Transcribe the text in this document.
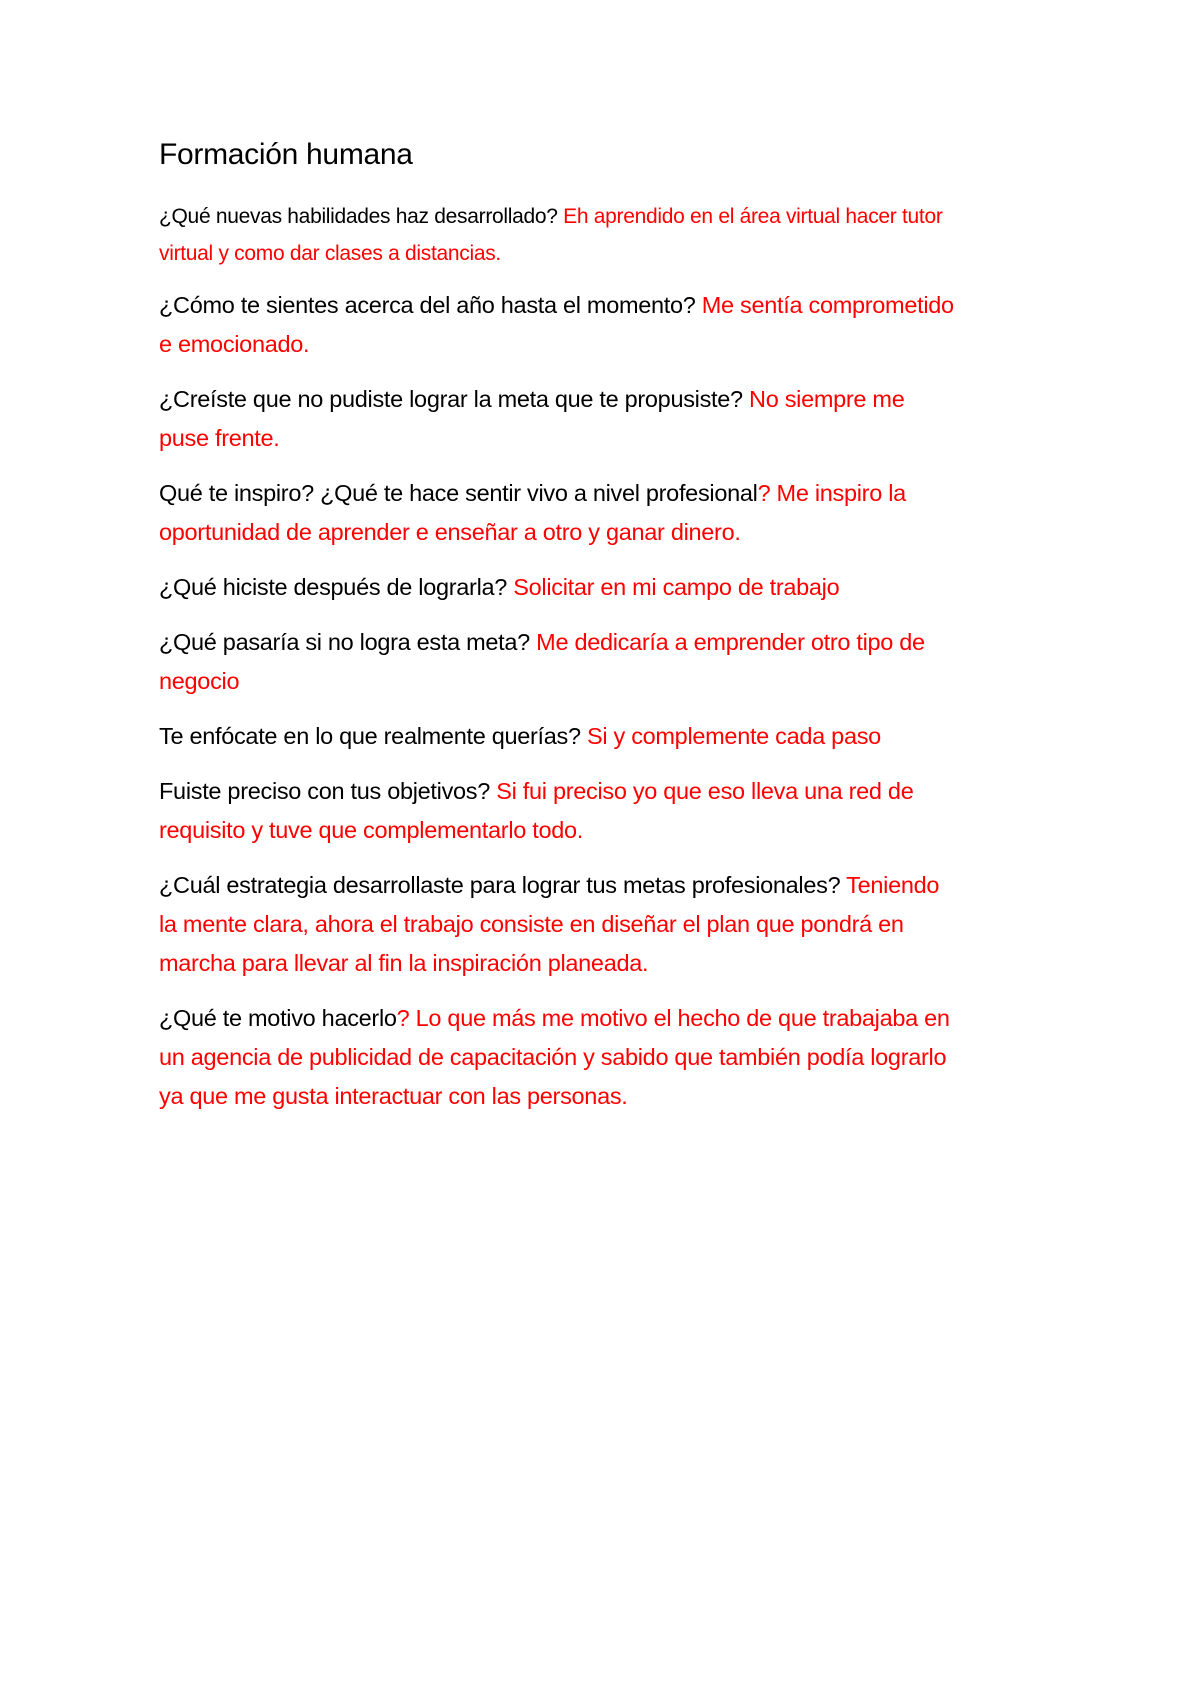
Formación humana

¿Qué nuevas habilidades haz desarrollado? Eh aprendido en el área virtual hacer tutor virtual y como dar clases a distancias.

¿Cómo te sientes acerca del año hasta el momento? Me sentía comprometido e emocionado.

¿Creíste que no pudiste lograr la meta que te propusiste? No siempre me puse frente.

Qué te inspiro? ¿Qué te hace sentir vivo a nivel profesional? Me inspiro la oportunidad de aprender e enseñar a otro y ganar dinero.

¿Qué hiciste después de lograrla? Solicitar en mi campo de trabajo

¿Qué pasaría si no logra esta meta? Me dedicaría a emprender otro tipo de negocio

Te enfócate en lo que realmente querías? Si y complemente cada paso

Fuiste preciso con tus objetivos? Si fui preciso yo que eso lleva una red de requisito y tuve que complementarlo todo.

¿Cuál estrategia desarrollaste para lograr tus metas profesionales? Teniendo la mente clara, ahora el trabajo consiste en diseñar el plan que pondrá en marcha para llevar al fin la inspiración planeada.

¿Qué te motivo hacerlo? Lo que más me motivo el hecho de que trabajaba en un agencia de publicidad de capacitación y sabido que también podía lograrlo ya que me gusta interactuar con las personas.
